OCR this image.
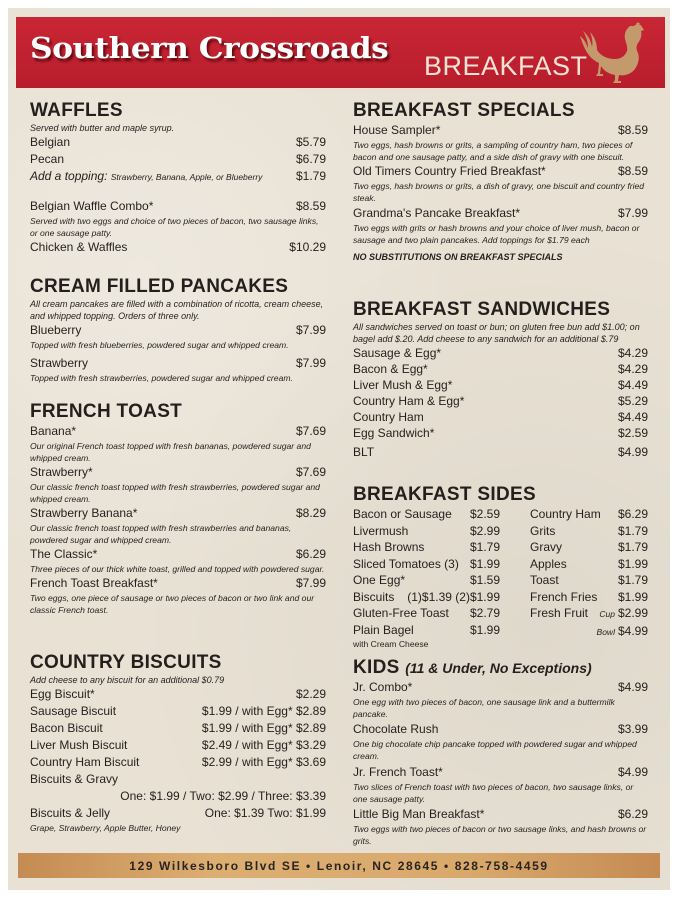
Southern Crossroads
BREAKFAST
WAFFLES
Served with butter and maple syrup.
Belgian	$5.79
Pecan	$6.79
Add a topping: Strawberry, Banana, Apple, or Blueberry	$1.79
Belgian Waffle Combo*	$8.59
Served with two eggs and choice of two pieces of bacon, two sausage links, or one sausage patty.
Chicken & Waffles	$10.29
CREAM FILLED PANCAKES
All cream pancakes are filled with a combination of ricotta, cream cheese, and whipped topping. Orders of three only.
Blueberry	$7.99
Topped with fresh blueberries, powdered sugar and whipped cream.
Strawberry	$7.99
Topped with fresh strawberries, powdered sugar and whipped cream.
FRENCH TOAST
Banana*	$7.69
Our original French toast topped with fresh bananas, powdered sugar and whipped cream.
Strawberry*	$7.69
Our classic french toast topped with fresh strawberries, powdered sugar and whipped cream.
Strawberry Banana*	$8.29
Our classic french toast topped with fresh strawberries and bananas, powdered sugar and whipped cream.
The Classic*	$6.29
Three pieces of our thick white toast, grilled and topped with powdered sugar.
French Toast Breakfast*	$7.99
Two eggs, one piece of sausage or two pieces of bacon or two link and our classic French toast.
COUNTRY BISCUITS
Add cheese to any biscuit for an additional $0.79
Egg Biscuit*	$2.29
Sausage Biscuit	$1.99 / with Egg* $2.89
Bacon Biscuit	$1.99 / with Egg* $2.89
Liver Mush Biscuit	$2.49 / with Egg* $3.29
Country Ham Biscuit	$2.99 / with Egg* $3.69
Biscuits & Gravy
One: $1.99 / Two: $2.99 / Three: $3.39
Biscuits & Jelly	One: $1.39 Two: $1.99
Grape, Strawberry, Apple Butter, Honey
BREAKFAST SPECIALS
House Sampler*	$8.59
Two eggs, hash browns or grits, a sampling of country ham, two pieces of bacon and one sausage patty, and a side dish of gravy with one biscuit.
Old Timers Country Fried Breakfast*	$8.59
Two eggs, hash browns or grits, a dish of gravy, one biscuit and country fried steak.
Grandma's Pancake Breakfast*	$7.99
Two eggs with grits or hash browns and your choice of liver mush, bacon or sausage and two plain pancakes. Add toppings for $1.79 each
NO SUBSTITUTIONS ON BREAKFAST SPECIALS
BREAKFAST SANDWICHES
All sandwiches served on toast or bun; on gluten free bun add $1.00; on bagel add $.20. Add cheese to any sandwich for an additional $.79
Sausage & Egg*	$4.29
Bacon & Egg*	$4.29
Liver Mush & Egg*	$4.49
Country Ham & Egg*	$5.29
Country Ham	$4.49
Egg Sandwich*	$2.59
BLT	$4.99
BREAKFAST SIDES
Bacon or Sausage $2.59
Livermush	$2.99
Hash Browns	$1.79
Sliced Tomatoes (3) $1.99
One Egg*	$1.59
Biscuits (1)$1.39 (2)$1.99
Gluten-Free Toast $2.79
Plain Bagel	$1.99
with Cream Cheese
Country Ham $6.29
Grits	$1.79
Gravy	$1.79
Apples	$1.99
Toast	$1.79
French Fries $1.99
Fresh Fruit Cup $2.99
Bowl $4.99
KIDS (11 & Under, No Exceptions)
Jr. Combo*	$4.99
One egg with two pieces of bacon, one sausage link and a buttermilk pancake.
Chocolate Rush	$3.99
One big chocolate chip pancake topped with powdered sugar and whipped cream.
Jr. French Toast*	$4.99
Two slices of French toast with two pieces of bacon, two sausage links, or one sausage patty.
Little Big Man Breakfast*	$6.29
Two eggs with two pieces of bacon or two sausage links, and hash browns or grits.
129 Wilkesboro Blvd SE • Lenoir, NC 28645 • 828-758-4459
